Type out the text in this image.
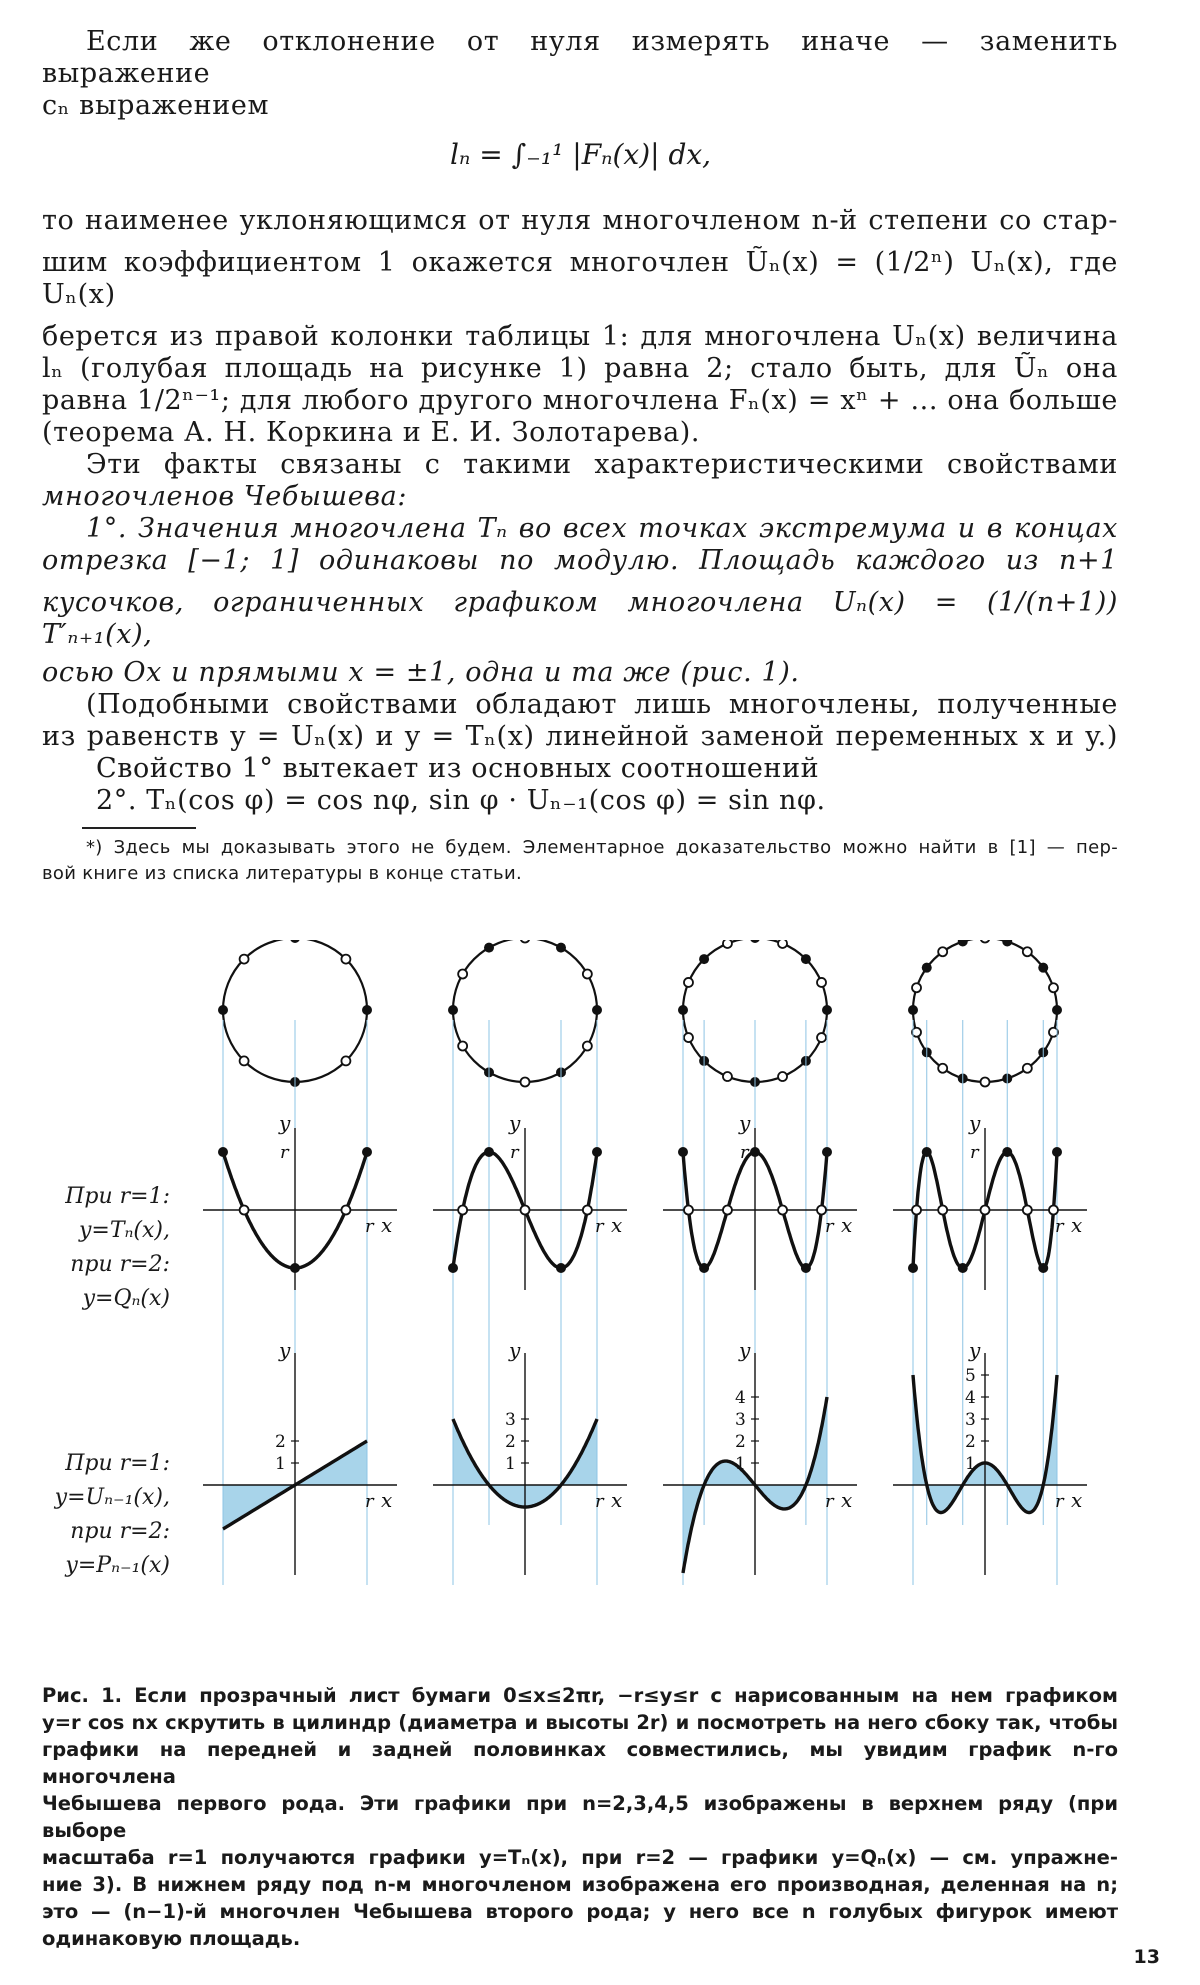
Если же отклонение от нуля измерять иначе — заменить выражение
cₙ выражением
lₙ = ∫₋₁¹ |Fₙ(x)| dx,
то наименее уклоняющимся от нуля многочленом n-й степени со стар-
шим коэффициентом 1 окажется многочлен Ũₙ(x) = (1/2ⁿ) Uₙ(x), где Uₙ(x)
берется из правой колонки таблицы 1: для многочлена Uₙ(x) величина
lₙ (голубая площадь на рисунке 1) равна 2; стало быть, для Ũₙ она
равна 1/2ⁿ⁻¹; для любого другого многочлена Fₙ(x) = xⁿ + ... она больше
(теорема А. Н. Коркина и Е. И. Золотарева).
Эти факты связаны с такими характеристическими свойствами
многочленов Чебышева:
1°. Значения многочлена Tₙ во всех точках экстремума и в концах
отрезка [−1; 1] одинаковы по модулю. Площадь каждого из n+1
кусочков, ограниченных графиком многочлена Uₙ(x) = (1/(n+1)) T′ₙ₊₁(x),
осью Ox и прямыми x = ±1, одна и та же (рис. 1).
(Подобными свойствами обладают лишь многочлены, полученные
из равенств y = Uₙ(x) и y = Tₙ(x) линейной заменой переменных x и y.)
Свойство 1° вытекает из основных соотношений
2°. Tₙ(cos φ) = cos nφ, sin φ · Uₙ₋₁(cos φ) = sin nφ.
*) Здесь мы доказывать этого не будем. Элементарное доказательство можно найти в [1] — пер-
вой книге из списка литературы в конце статьи.
При r=1:
y=Tₙ(x),
при r=2:
y=Qₙ(x)
При r=1:
y=Uₙ₋₁(x),
при r=2:
y=Pₙ₋₁(x)
x
y
r
r
x
y
r
1
2
x
y
r
r
x
y
r
1
2
3
x
y
r
r
x
y
r
1
2
3
4
x
y
r
r
x
y
r
1
2
3
4
5
Рис. 1. Если прозрачный лист бумаги 0≤x≤2πr, −r≤y≤r с нарисованным на нем графиком
y=r cos nx скрутить в цилиндр (диаметра и высоты 2r) и посмотреть на него сбоку так, чтобы
графики на передней и задней половинках совместились, мы увидим график n-го многочлена
Чебышева первого рода. Эти графики при n=2,3,4,5 изображены в верхнем ряду (при выборе
масштаба r=1 получаются графики y=Tₙ(x), при r=2 — графики y=Qₙ(x) — см. упражне-
ние 3). В нижнем ряду под n-м многочленом изображена его производная, деленная на n;
это — (n−1)-й многочлен Чебышева второго рода; у него все n голубых фигурок имеют
одинаковую площадь.
13
